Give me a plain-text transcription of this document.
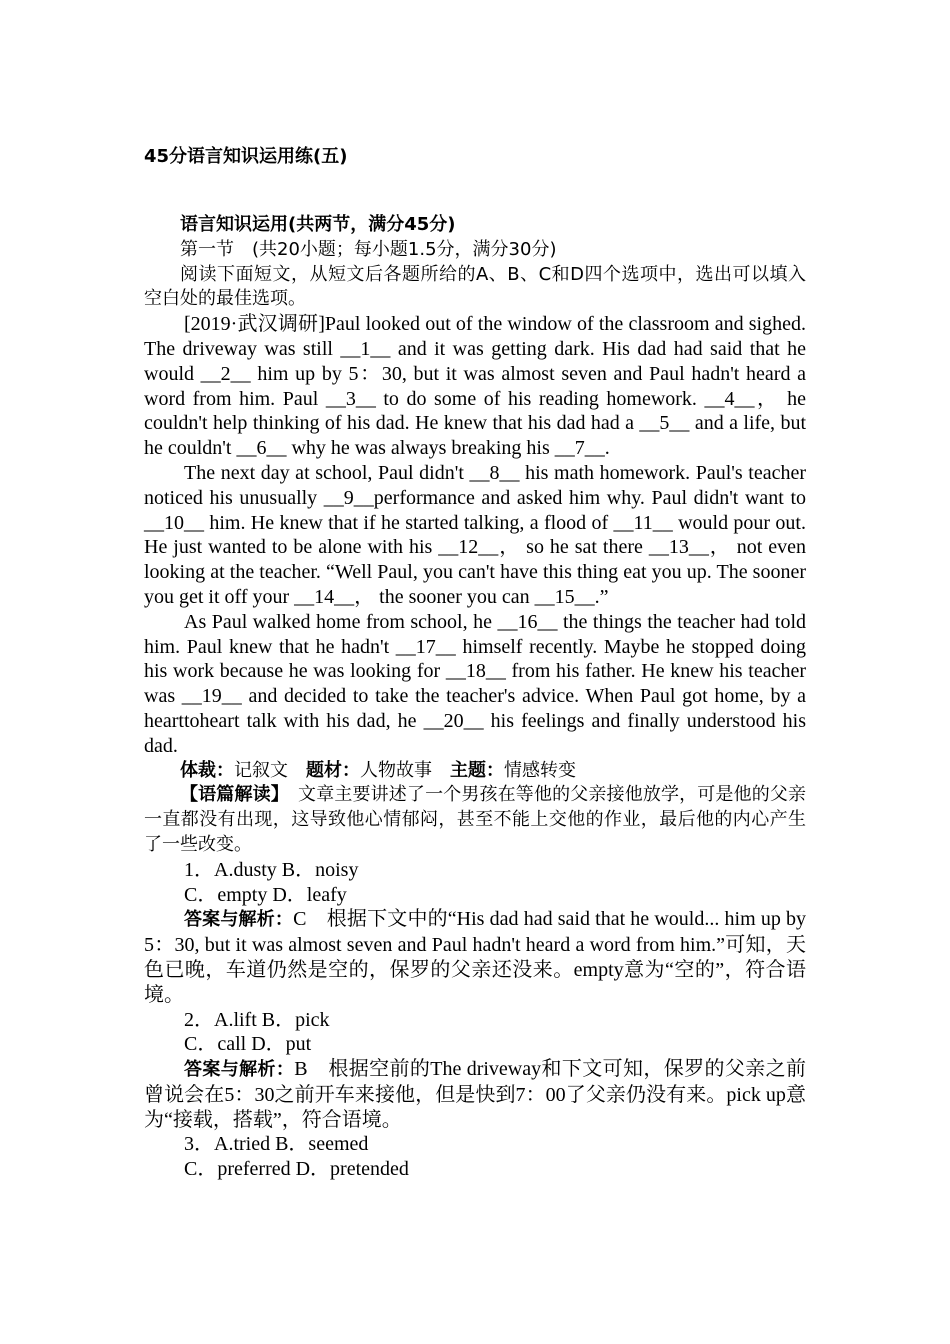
45分语言知识运用练(五)

语言知识运用(共两节，满分45分)

第一节　(共20小题；每小题1.5分，满分30分)

阅读下面短文，从短文后各题所给的A、B、C和D四个选项中，选出可以填入空白处的最佳选项。

[2019·武汉调研]Paul looked out of the window of the classroom and sighed. The driveway was still __1__ and it was getting dark. His dad had said that he would __2__ him up by 5：30, but it was almost seven and Paul hadn't heard a word from him. Paul __3__ to do some of his reading homework. __4__， he couldn't help thinking of his dad. He knew that his dad had a __5__ and a life, but he couldn't __6__ why he was always breaking his __7__.

The next day at school, Paul didn't __8__ his math homework. Paul's teacher noticed his unusually __9__performance and asked him why. Paul didn't want to __10__ him. He knew that if he started talking, a flood of __11__ would pour out. He just wanted to be alone with his __12__， so he sat there __13__， not even looking at the teacher. “Well Paul, you can't have this thing eat you up. The sooner you get it off your __14__， the sooner you can __15__.”

As Paul walked home from school, he __16__ the things the teacher had told him. Paul knew that he hadn't __17__ himself recently. Maybe he stopped doing his work because he was looking for __18__ from his father. He knew his teacher was __19__ and decided to take the teacher's advice. When Paul got home, by a hearttoheart talk with his dad, he __20__ his feelings and finally understood his dad.

体裁：记叙文　 题材：人物故事　 主题：情感转变

【语篇解读】　 文章主要讲述了一个男孩在等他的父亲接他放学，可是他的父亲一直都没有出现，这导致他心情郁闷，甚至不能上交他的作业，最后他的内心产生了一些改变。

1．A.dusty B．noisy

C．empty D．leafy

答案与解析：C　根据下文中的“His dad had said that he would... him up by 5：30, but it was almost seven and Paul hadn't heard a word from him.”可知，天色已晚，车道仍然是空的，保罗的父亲还没来。empty意为“空的”，符合语境。

2．A.lift B．pick

C．call D．put

答案与解析：B　根据空前的The driveway和下文可知，保罗的父亲之前曾说会在5：30之前开车来接他，但是快到7：00了父亲仍没有来。pick up意为“接载，搭载”，符合语境。

3．A.tried B．seemed

C．preferred D．pretended
